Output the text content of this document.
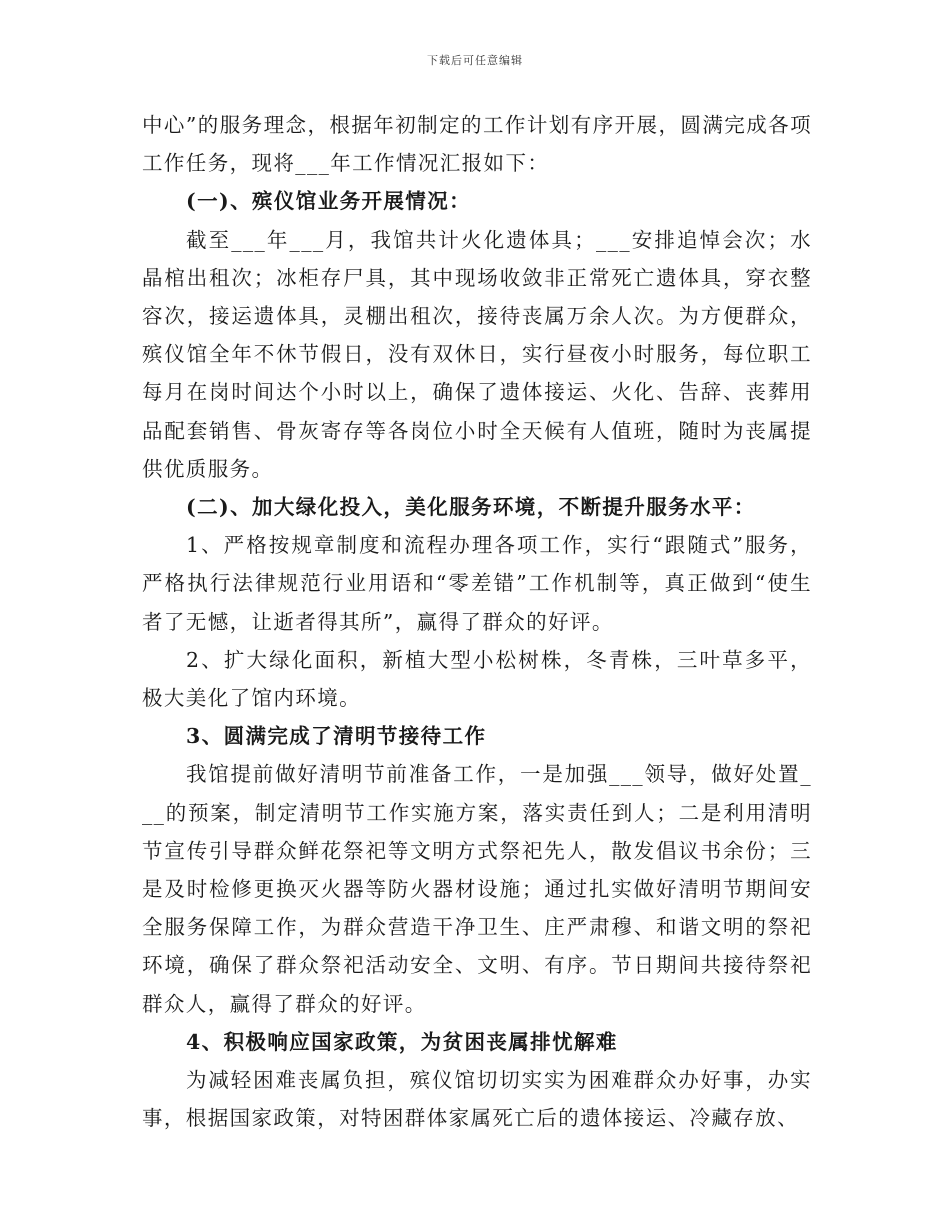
下载后可任意编辑

中心”的服务理念，根据年初制定的工作计划有序开展，圆满完成各项工作任务，现将___年工作情况汇报如下：

(一)、殡仪馆业务开展情况：

截至___年___月，我馆共计火化遗体具；___安排追悼会次；水晶棺出租次；冰柜存尸具，其中现场收敛非正常死亡遗体具，穿衣整容次，接运遗体具，灵棚出租次，接待丧属万余人次。为方便群众，殡仪馆全年不休节假日，没有双休日，实行昼夜小时服务，每位职工每月在岗时间达个小时以上，确保了遗体接运、火化、告辞、丧葬用品配套销售、骨灰寄存等各岗位小时全天候有人值班，随时为丧属提供优质服务。

(二)、加大绿化投入，美化服务环境，不断提升服务水平：

1、严格按规章制度和流程办理各项工作，实行“跟随式”服务，严格执行法律规范行业用语和“零差错”工作机制等，真正做到“使生者了无憾，让逝者得其所”，赢得了群众的好评。

2、扩大绿化面积，新植大型小松树株，冬青株，三叶草多平，极大美化了馆内环境。

3、圆满完成了清明节接待工作

我馆提前做好清明节前准备工作，一是加强___领导，做好处置___的预案，制定清明节工作实施方案，落实责任到人；二是利用清明节宣传引导群众鲜花祭祀等文明方式祭祀先人，散发倡议书余份；三是及时检修更换灭火器等防火器材设施；通过扎实做好清明节期间安全服务保障工作，为群众营造干净卫生、庄严肃穆、和谐文明的祭祀环境，确保了群众祭祀活动安全、文明、有序。节日期间共接待祭祀群众人，赢得了群众的好评。

4、积极响应国家政策，为贫困丧属排忧解难

为减轻困难丧属负担，殡仪馆切切实实为困难群众办好事，办实事，根据国家政策，对特困群体家属死亡后的遗体接运、冷藏存放、
